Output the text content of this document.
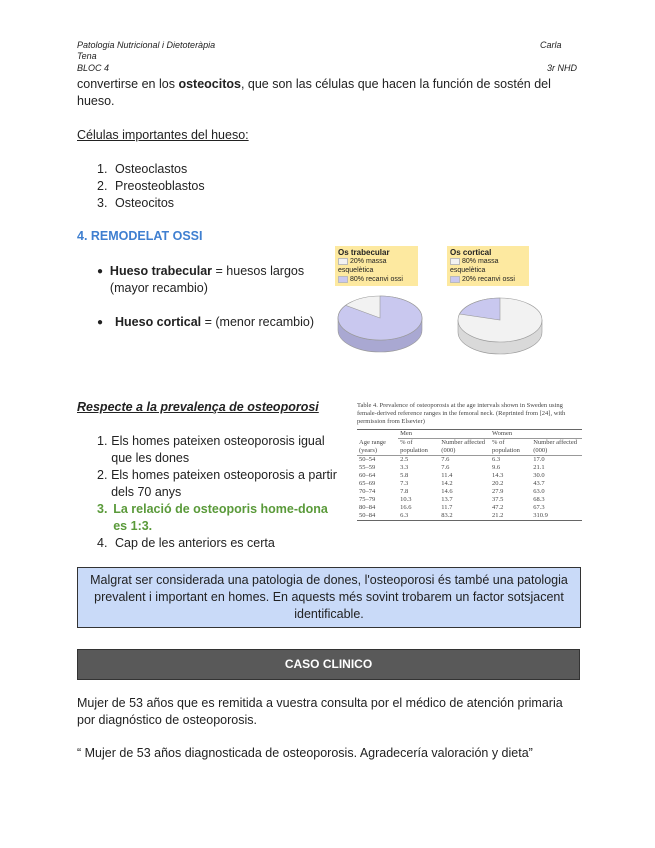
Patologia Nutricional i Dietoteràpia	Carla
Tena
BLOC 4	3r NHD
convertirse en los osteocitos, que son las células que hacen la función de sostén del hueso.
Células importantes del hueso:
1. Osteoclastos
2. Preosteoblastos
3. Osteocitos
4. REMODELAT OSSI
● Hueso trabecular = huesos largos (mayor recambio)
● Hueso cortical = (menor recambio)
Os trabecular
20% massa esquelètica
80% recanvi ossi
Os cortical
80% massa esquelètica
20% recanvi ossi
Respecte a la prevalença de osteoporosi
1. Els homes pateixen osteoporosis igual que les dones
2. Els homes pateixen osteoporosis a partir dels 70 anys
3. La relació de osteoporis home-dona es 1:3.
4. Cap de les anteriors es certa
Table 4. Prevalence of osteoporosis at the age intervals shown in Sweden using female-derived reference ranges in the femoral neck. (Reprinted from [24], with permission from Elsevier)
	Men		Women	
Age range (years)	% of population	Number affected (000)	% of population	Number affected (000)
50–54	2.5	7.6	6.3	17.0
55–59	3.3	7.6	9.6	21.1
60–64	5.8	11.4	14.3	30.0
65–69	7.3	14.2	20.2	43.7
70–74	7.8	14.6	27.9	63.0
75–79	10.3	13.7	37.5	68.3
80–84	16.6	11.7	47.2	67.3
50–84	6.3	83.2	21.2	310.9
Malgrat ser considerada una patologia de dones, l'osteoporosi és també una patologia prevalent i important en homes. En aquests més sovint trobarem un factor sotsjacent identificable.
CASO CLINICO
Mujer de 53 años que es remitida a vuestra consulta por el médico de atención primaria por diagnóstico de osteoporosis.
“ Mujer de 53 años diagnosticada de osteoporosis. Agradecería valoración y dieta”
